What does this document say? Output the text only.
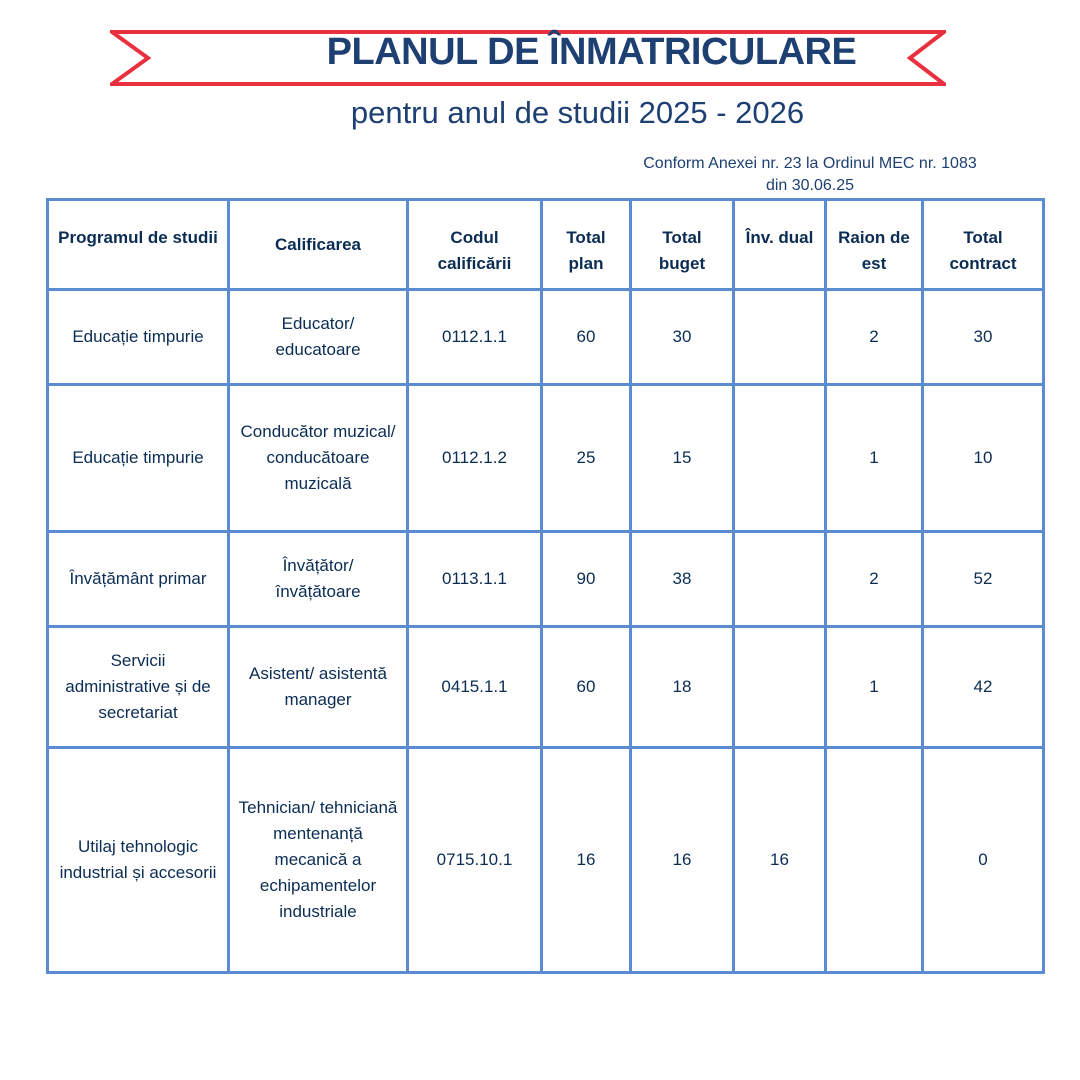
PLANUL DE ÎNMATRICULARE

pentru anul de studii 2025 - 2026

Conform Anexei nr. 23 la Ordinul MEC nr. 1083
din 30.06.25
Programul de studii	Calificarea	Codul calificării	Total plan	Total buget	Înv. dual	Raion de est	Total contract
Educație timpurie	Educator/ educatoare	0112.1.1	60	30		2	30
Educație timpurie	Conducător muzical/ conducătoare muzicală	0112.1.2	25	15		1	10
Învățământ primar	Învățător/ învățătoare	0113.1.1	90	38		2	52
Servicii administrative și de secretariat	Asistent/ asistentă manager	0415.1.1	60	18		1	42
Utilaj tehnologic industrial și accesorii	Tehnician/ tehniciană mentenanță mecanică a echipamentelor industriale	0715.10.1	16	16	16		0
